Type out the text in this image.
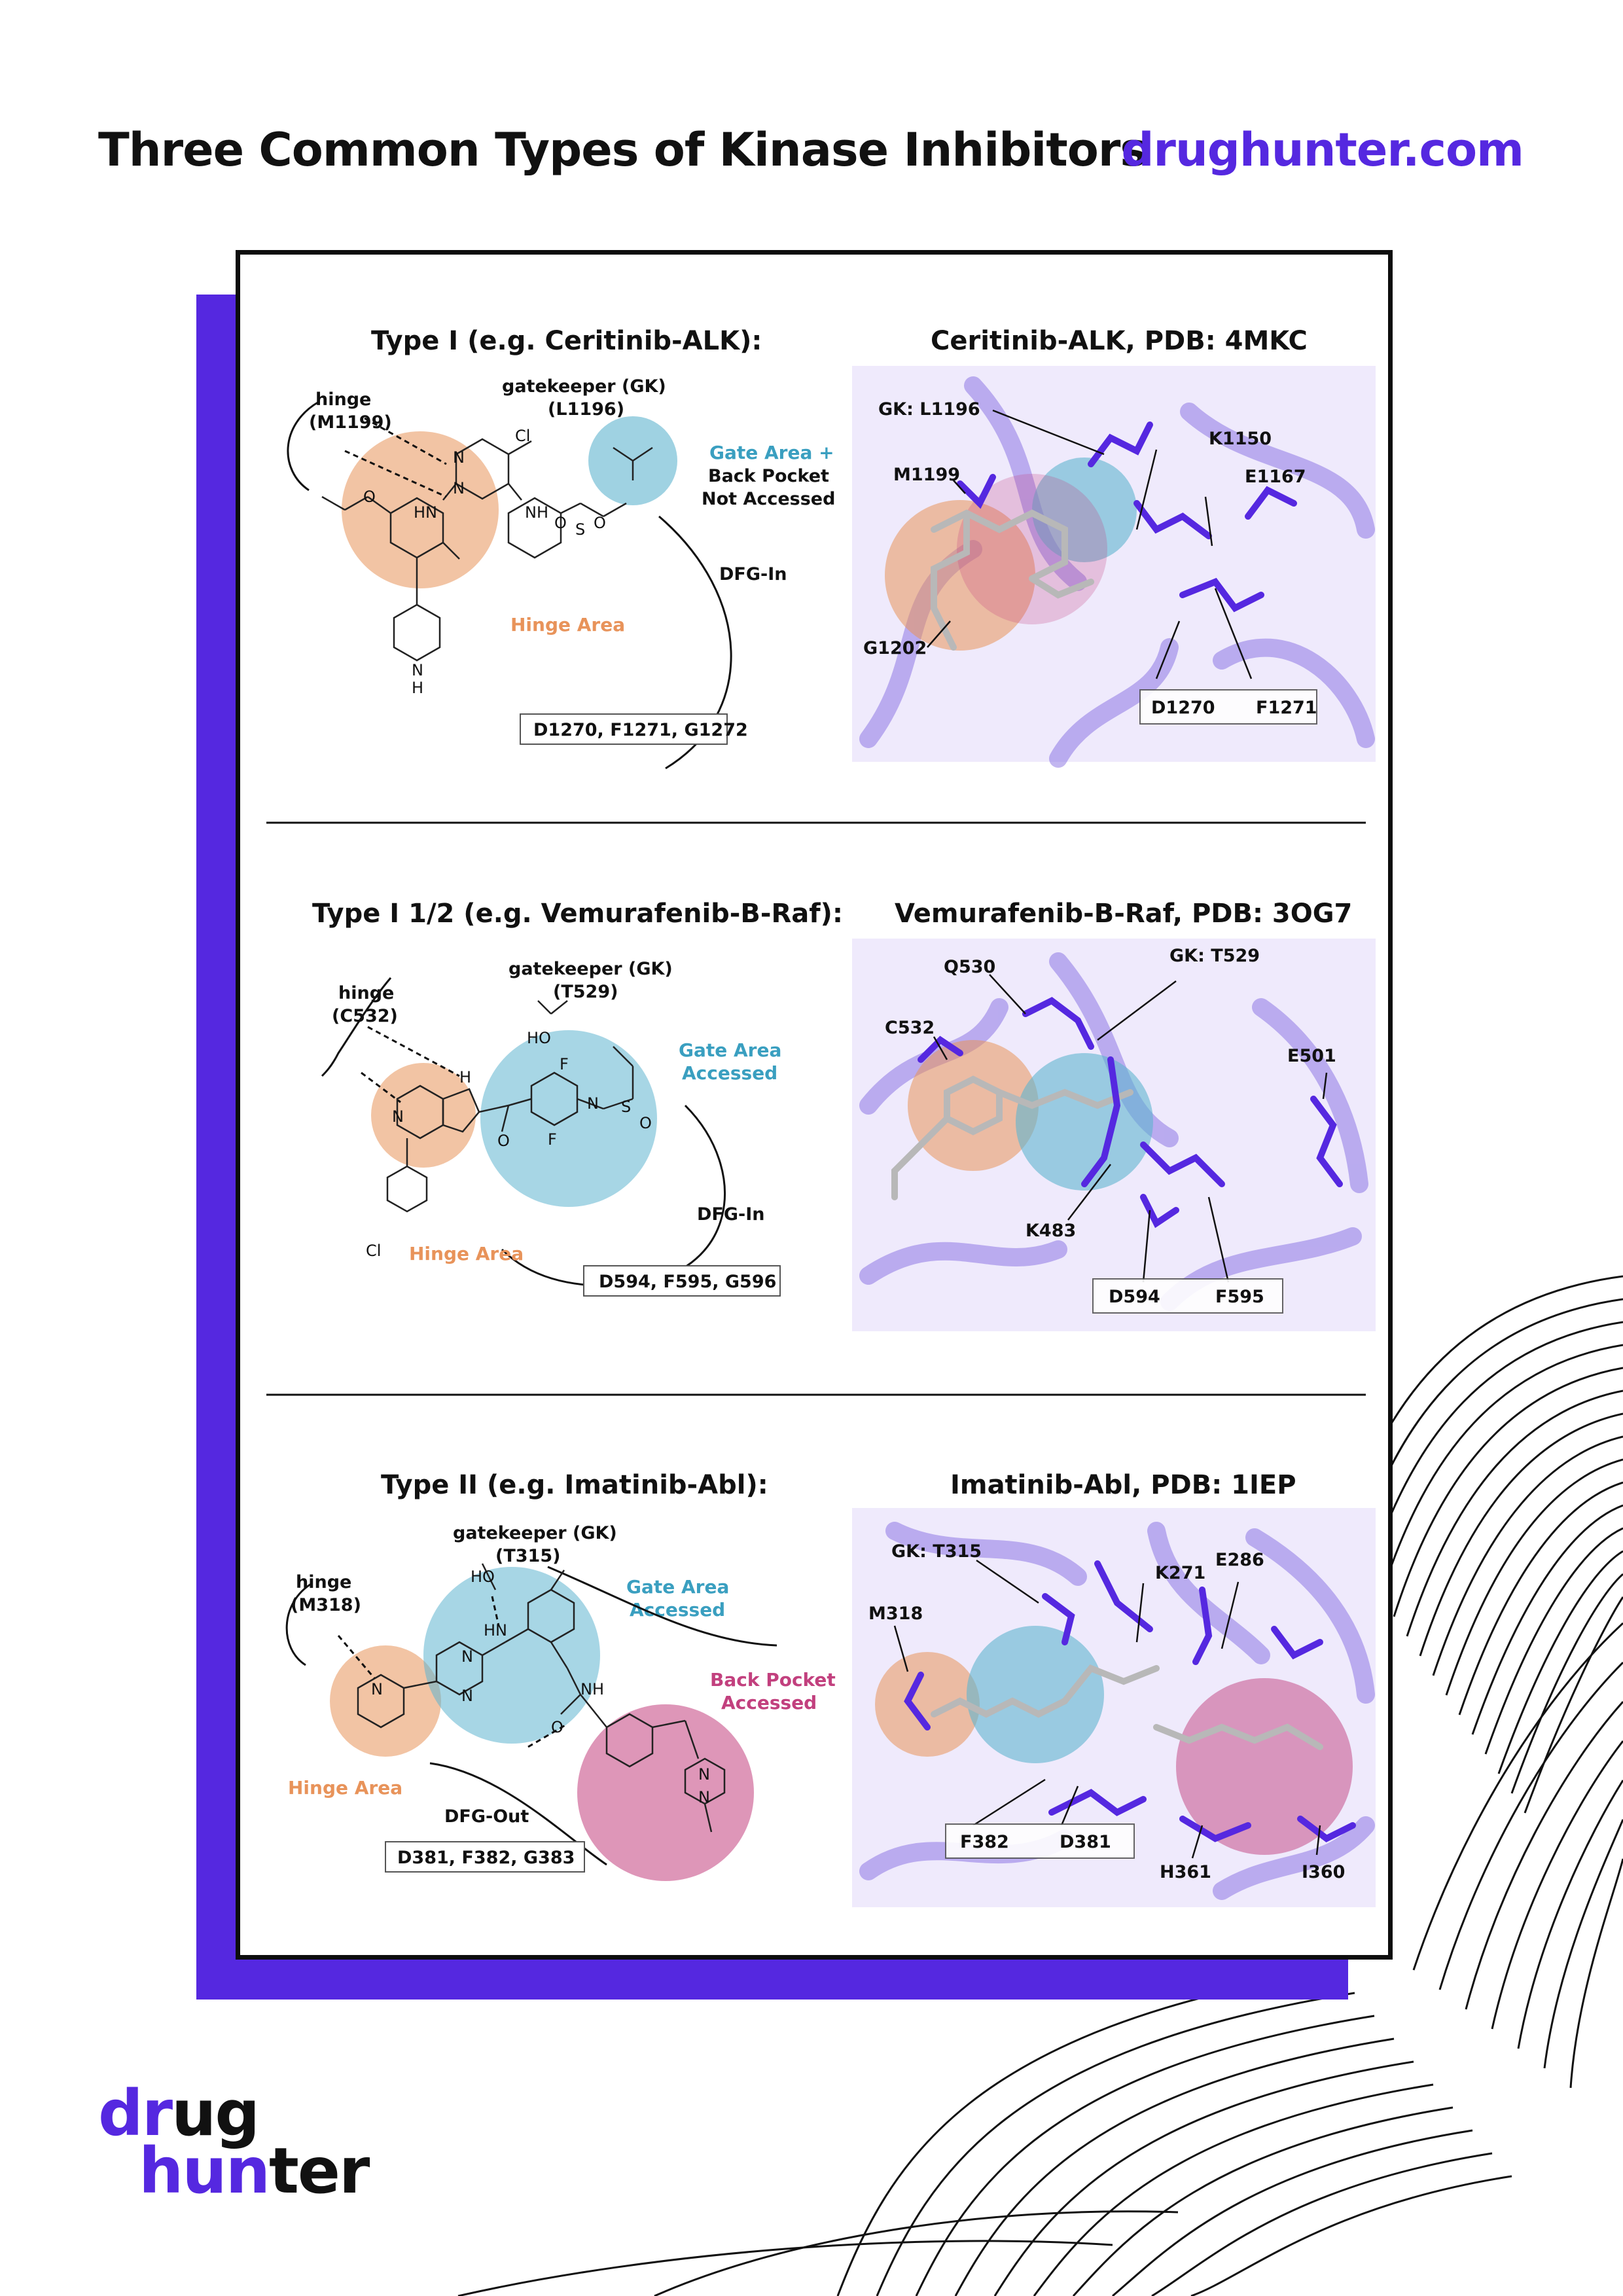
Three Common Types of Kinase Inhibitors
drughunter.com
Type I (e.g. Ceritinib-ALK):
hinge
(M1199)
gatekeeper (GK)
(L1196)
Gate Area +
Back Pocket
Not Accessed
DFG-In
Hinge Area
D1270, F1271, G1272
Cl
HN	NH
N
N
O
S
O O
N
H
Ceritinib-ALK, PDB: 4MKC
GK: L1196
K1150
E1167
M1199
G1202
D1270 F1271
Type I 1/2 (e.g. Vemurafenib-B-Raf):
hinge
(C532)
gatekeeper (GK)
(T529)
Gate Area
Accessed
DFG-In
Hinge Area
D594, F595, G596
HO
N
H
F
F
O
N S
O
Cl
Vemurafenib-B-Raf, PDB: 3OG7
Q530
GK: T529
C532
E501
K483
D594	F595
Type II (e.g. Imatinib-Abl):
hinge
(M318)
gatekeeper (GK)
(T315)
Gate Area
Accessed
Back Pocket
Accessed
DFG-Out
Hinge Area
D381, F382, G383
HO
HN
N
N
N	NH
O
N
N
Imatinib-Abl, PDB: 1IEP
GK: T315
K271
E286
M318
F382	D381
H361	I360
drug
hunter
